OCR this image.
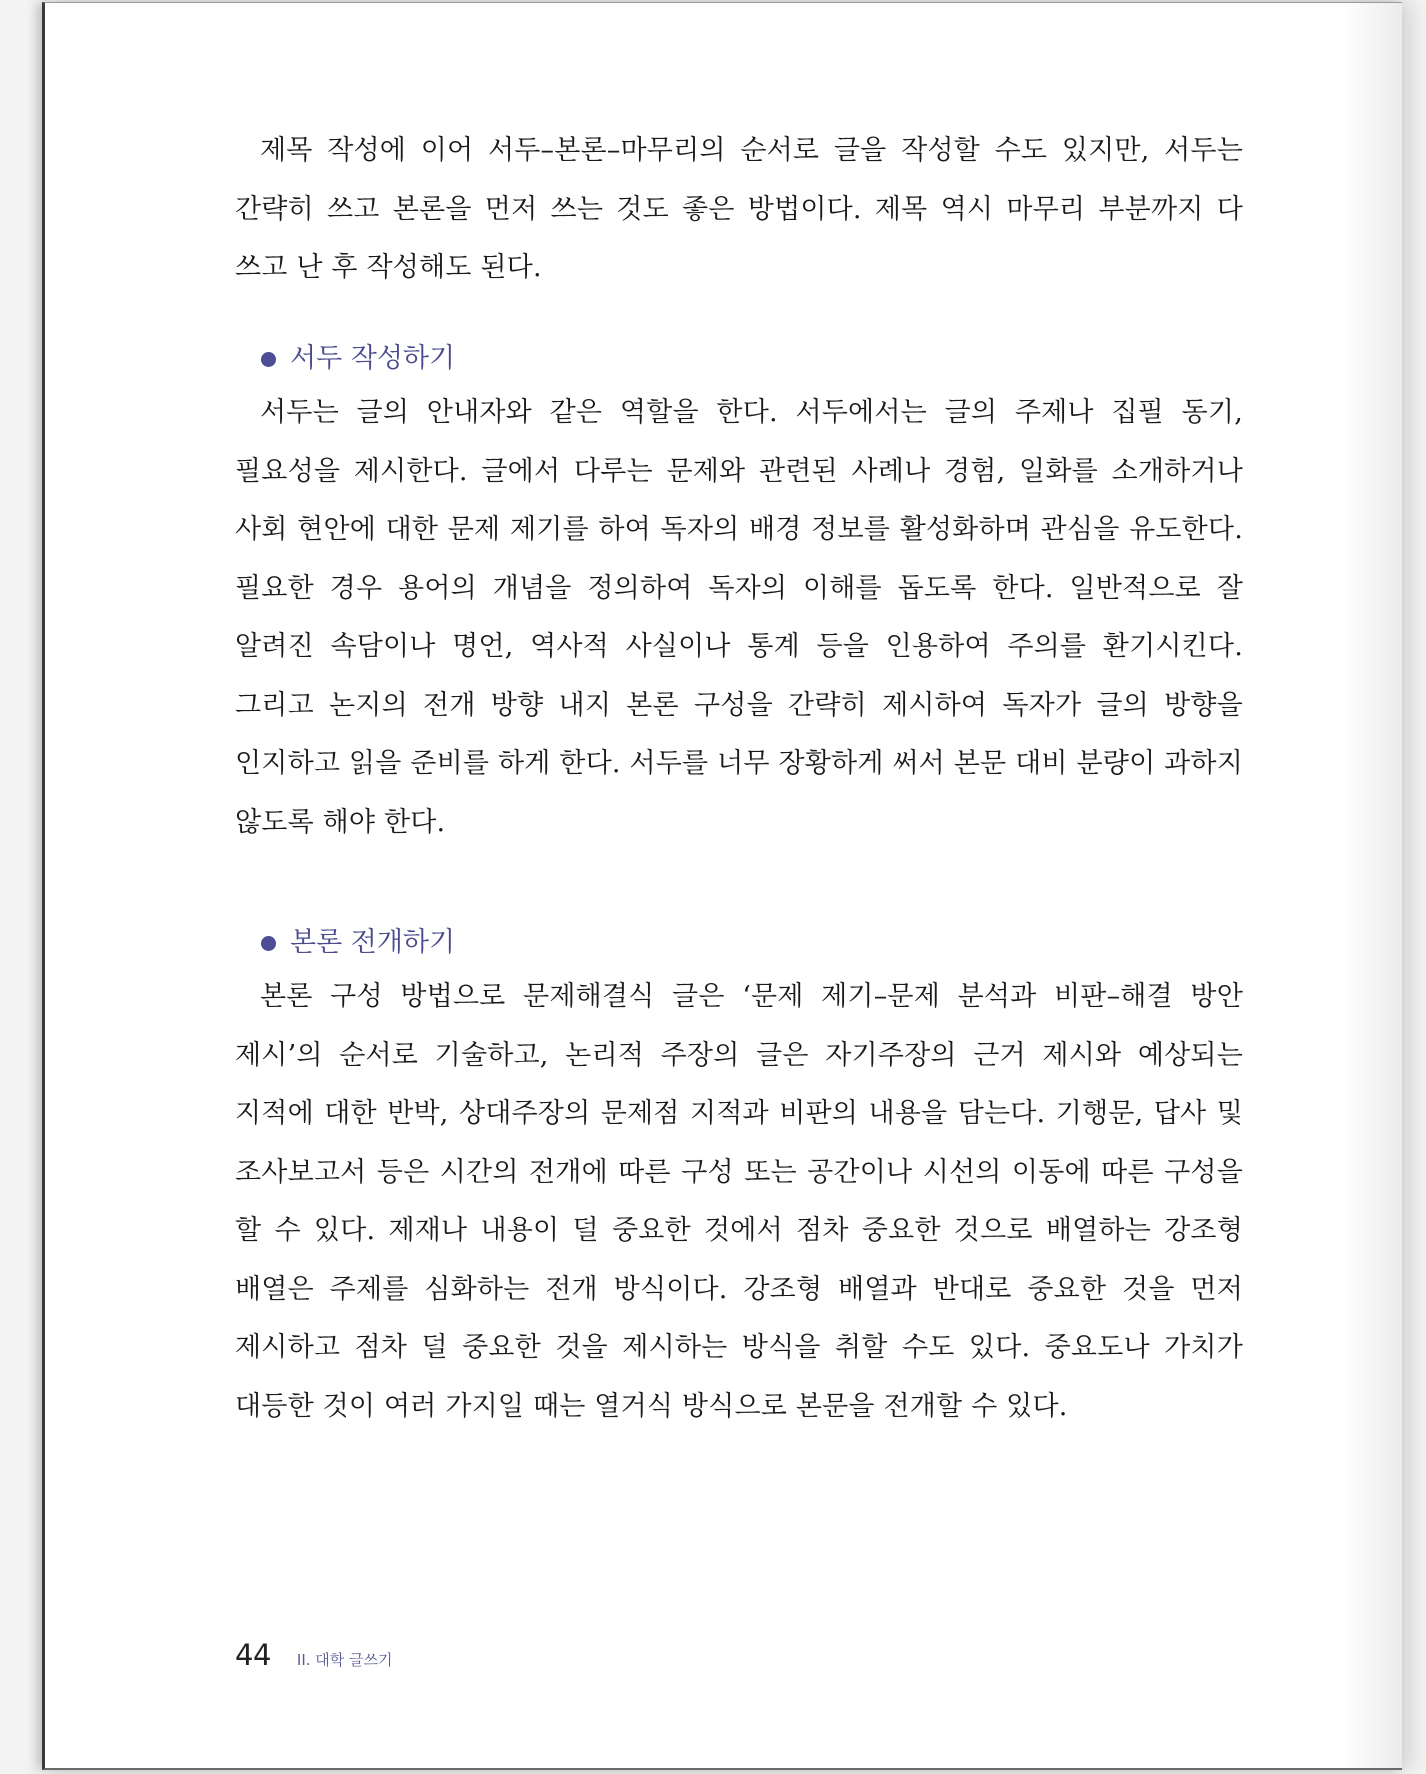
제목 작성에 이어 서두–본론–마무리의 순서로 글을 작성할 수도 있지만, 서두는 간략히 쓰고 본론을 먼저 쓰는 것도 좋은 방법이다. 제목 역시 마무리 부분까지 다 쓰고 난 후 작성해도 된다.

서두 작성하기

서두는 글의 안내자와 같은 역할을 한다. 서두에서는 글의 주제나 집필 동기, 필요성을 제시한다. 글에서 다루는 문제와 관련된 사례나 경험, 일화를 소개하거나 사회 현안에 대한 문제 제기를 하여 독자의 배경 정보를 활성화하며 관심을 유도한다. 필요한 경우 용어의 개념을 정의하여 독자의 이해를 돕도록 한다. 일반적으로 잘 알려진 속담이나 명언, 역사적 사실이나 통계 등을 인용하여 주의를 환기시킨다. 그리고 논지의 전개 방향 내지 본론 구성을 간략히 제시하여 독자가 글의 방향을 인지하고 읽을 준비를 하게 한다. 서두를 너무 장황하게 써서 본문 대비 분량이 과하지 않도록 해야 한다.

본론 전개하기

본론 구성 방법으로 문제해결식 글은 ‘문제 제기–문제 분석과 비판–해결 방안 제시’의 순서로 기술하고, 논리적 주장의 글은 자기주장의 근거 제시와 예상되는 지적에 대한 반박, 상대주장의 문제점 지적과 비판의 내용을 담는다. 기행문, 답사 및 조사보고서 등은 시간의 전개에 따른 구성 또는 공간이나 시선의 이동에 따른 구성을 할 수 있다. 제재나 내용이 덜 중요한 것에서 점차 중요한 것으로 배열하는 강조형 배열은 주제를 심화하는 전개 방식이다. 강조형 배열과 반대로 중요한 것을 먼저 제시하고 점차 덜 중요한 것을 제시하는 방식을 취할 수도 있다. 중요도나 가치가 대등한 것이 여러 가지일 때는 열거식 방식으로 본문을 전개할 수 있다.

44 II. 대학 글쓰기
